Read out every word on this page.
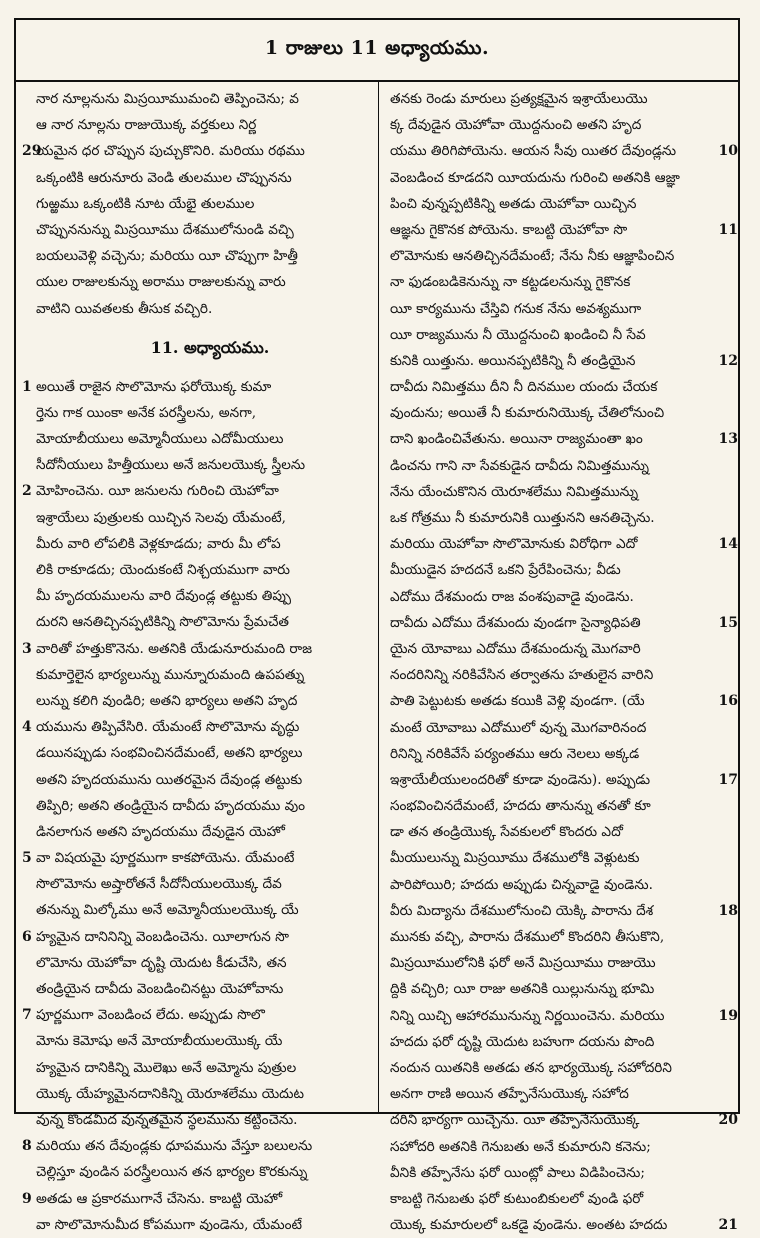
1 రాజులు 11 అధ్యాయము.
నార నూల్లనును మిస్రయీముమంచి తెప్పించెను; వ
ఆ నార నూల్లను రాజుయొక్క వర్తకులు నిర్ణ
29
యమైన ధర చొప్పున పుచ్చుకొనిరి. మరియు రథము
ఒక్కంటికి ఆరునూరు వెండి తులముల చొప్పునను
గుఱ్ఱము ఒక్కంటికి నూట యేభై తులముల
చొప్పుననున్ను మిస్రయీము దేశములోనుండి వచ్చి
బయలువెళ్లి వచ్చెను; మరియు యీ చొప్పుగా హిత్తీ
యుల రాజులకున్ను అరాము రాజులకున్ను వారు
వాటిని యివతలకు తీసుక వచ్చిరి.
11. అధ్యాయము.
1 అయితే రాజైన సొలొమోను ఫరోయొక్క కుమా
ర్తెను గాక యింకా అనేక పరస్త్రీలను, అనగా,
మోయాబీయులు అమ్మోనీయులు ఎదోమీయులు
సీదోనీయులు హిత్తీయులు అనే జనులయొక్క స్త్రీలను
2 మోహించెను. యీ జనులను గురించి యెహోవా
ఇశ్రాయేలు పుత్రులకు యిచ్చిన సెలవు యేమంటే,
మీరు వారి లోపలికి వెళ్లకూడదు; వారు మీ లోప
లికి రాకూడదు; యెందుకంటే నిశ్చయముగా వారు
మీ హృదయములను వారి దేవుండ్ల తట్టుకు తిప్పు
దురని ఆనతిచ్చినప్పటికిన్ని సొలొమోను ప్రేమచేత
3 వారితో హత్తుకొనెను. అతనికి యేడునూరుమంది రాజ
కుమార్తెలైన భార్యలున్ను మున్నూరుమంది ఉపపత్ను
లున్ను కలిగి వుండిరి; అతని భార్యలు అతని హృద
4 యమును తిప్పివేసిరి. యేమంటే సొలొమోను వృద్ధు
డయినప్పుడు సంభవించినదేమంటే, అతని భార్యలు
అతని హృదయమును యితరమైన దేవుండ్ల తట్టుకు
తిప్పిరి; అతని తండ్రియైన దావీదు హృదయము వుం
డినలాగున అతని హృదయము దేవుడైన యెహో
5 వా విషయమై పూర్ణముగా కాకపోయెను. యేమంటే
సొలొమోను అష్తారోతనే సీదోనీయులయొక్క దేవ
తనున్ను మిల్కోము అనే అమ్మోనీయులయొక్క యే
6 హ్యమైన దానినిన్ని వెంబడించెను. యీలాగున సొ
లొమోను యెహోవా దృష్టి యెదుట కీడుచేసి, తన
తండ్రియైన దావీదు వెంబడించినట్టు యెహోవాను
7 పూర్ణముగా వెంబడించ లేదు. అప్పుడు సొలొ
మోను కెమోషు అనే మోయాబీయులయొక్క యే
హ్యమైన దానికిన్ని మొలెఖు అనే అమ్మోను పుత్రుల
యొక్క యేహ్యమైనదానికిన్ని యెరూశలేము యెదుట
వున్న కొండమీద వున్నతమైన స్థలమును కట్టించెను.
8 మరియు తన దేవుండ్లకు ధూపమును వేస్తూ బలులను
చెల్లిస్తూ వుండిన పరస్త్రీలయిన తన భార్యల కొరకున్ను
9 అతడు ఆ ప్రకారముగానే చేసెను. కాబట్టి యెహో
వా సొలొమోనుమీద కోపముగా వుండెను, యేమంటే
తనకు రెండు మారులు ప్రత్యక్షమైన ఇశ్రాయేలుయొ
క్క దేవుడైన యెహోవా యొద్దనుంచి అతని హృద
10
యము తిరిగిపోయెను. ఆయన సీవు యితర దేవుండ్లను
వెంబడించ కూడదని యీయదును గురించి అతనికి ఆజ్ఞా
పించి వున్నప్పటికిన్ని అతడు యెహోవా యిచ్చిన
11
ఆజ్ఞను గైకొనక పోయెను. కాబట్టి యెహోవా సొ
లొమోనుకు ఆనతిచ్చినదేమంటే; నేను నీకు ఆజ్ఞాపించిన
నా ఫుడంబడికెనున్ను నా కట్టడలనున్ను గైకొనక
యీ కార్యమును చేస్తివి గనుక నేను అవశ్యముగా
యీ రాజ్యమును నీ యొద్దనుంచి ఖండించి నీ సేవ
12
కునికి యిత్తును. అయినప్పటికిన్ని నీ తండ్రియైన
దావీదు నిమిత్తము దీని నీ దినముల యందు చేయక
వుందును; అయితే నీ కుమారునియొక్క చేతిలోనుంచి
13
దాని ఖండించివేతును. అయినా రాజ్యమంతా ఖం
డించను గాని నా సేవకుడైన దావీదు నిమిత్తమున్ను
నేను యేంచుకొనిన యెరూశలేము నిమిత్తమున్ను
ఒక గోత్రము నీ కుమారునికి యిత్తునని ఆనతిచ్చెను.
14
మరియు యెహోవా సొలొమోనుకు విరోధిగా ఎదో
మీయుడైన హదదనే ఒకని ప్రేరేపించెను; వీడు
ఎదోము దేశమందు రాజ వంశపువాడై వుండెను.
15
దావీదు ఎదోము దేశమందు వుండగా సైన్యాధిపతి
యైన యోవాబు ఎదోము దేశమందున్న మొగవారి
నందరినిన్ని నరికివేసిన తర్వాతను హతులైన వారిని
16
పాతి పెట్టుటకు అతడు కయికి వెళ్లి వుండగా. (యే
మంటే యోవాబు ఎదోములో వున్న మొగవారినంద
రినిన్ని నరికివేసే పర్యంతము ఆరు నెలలు అక్కడ
17
ఇశ్రాయేలీయులందరితో కూడా వుండెను). అప్పుడు
సంభవించినదేమంటే, హదదు తానున్ను తనతో కూ
డా తన తండ్రియొక్క సేవకులలో కొందరు ఎదో
మీయులున్ను మిస్రయీము దేశములోకి వెళ్లుటకు
పారిపోయిరి; హదదు అప్పుడు చిన్నవాడై వుండెను.
18
వీరు మిద్యాను దేశములోనుంచి యెక్కి పారాను దేశ
మునకు వచ్చి, పారాను దేశములో కొందరిని తీసుకొని,
మిస్రయీములోనికి ఫరో అనే మిస్రయీము రాజుయొ
ద్దికి వచ్చిరి; యీ రాజు అతనికి యిల్లునున్ను భూమి
19
నిన్ని యిచ్చి ఆహారమునున్ను నిర్ణయించెను. మరియు
హదదు ఫరో దృష్టి యెదుట బహుగా దయను పొంది
నందున యితనికి అతడు తన భార్యయొక్క సహోదరిని
అనగా రాణి అయిన తహ్పేనేసుయొక్క సహోద
20
దరిని భార్యగా యిచ్చెను. యీ తహ్పేనేసుయొక్క
సహోదరి అతనికి గెనుబతు అనే కుమారుని కనెను;
వీనికి తహ్పేనేసు ఫరో యింట్లో పాలు విడిపించెను;
కాబట్టి గెనుబతు ఫరో కుటుంబికులలో వుండి ఫరో
21
యొక్క కుమారులలో ఒకడై వుండెను. అంతట హదదు
